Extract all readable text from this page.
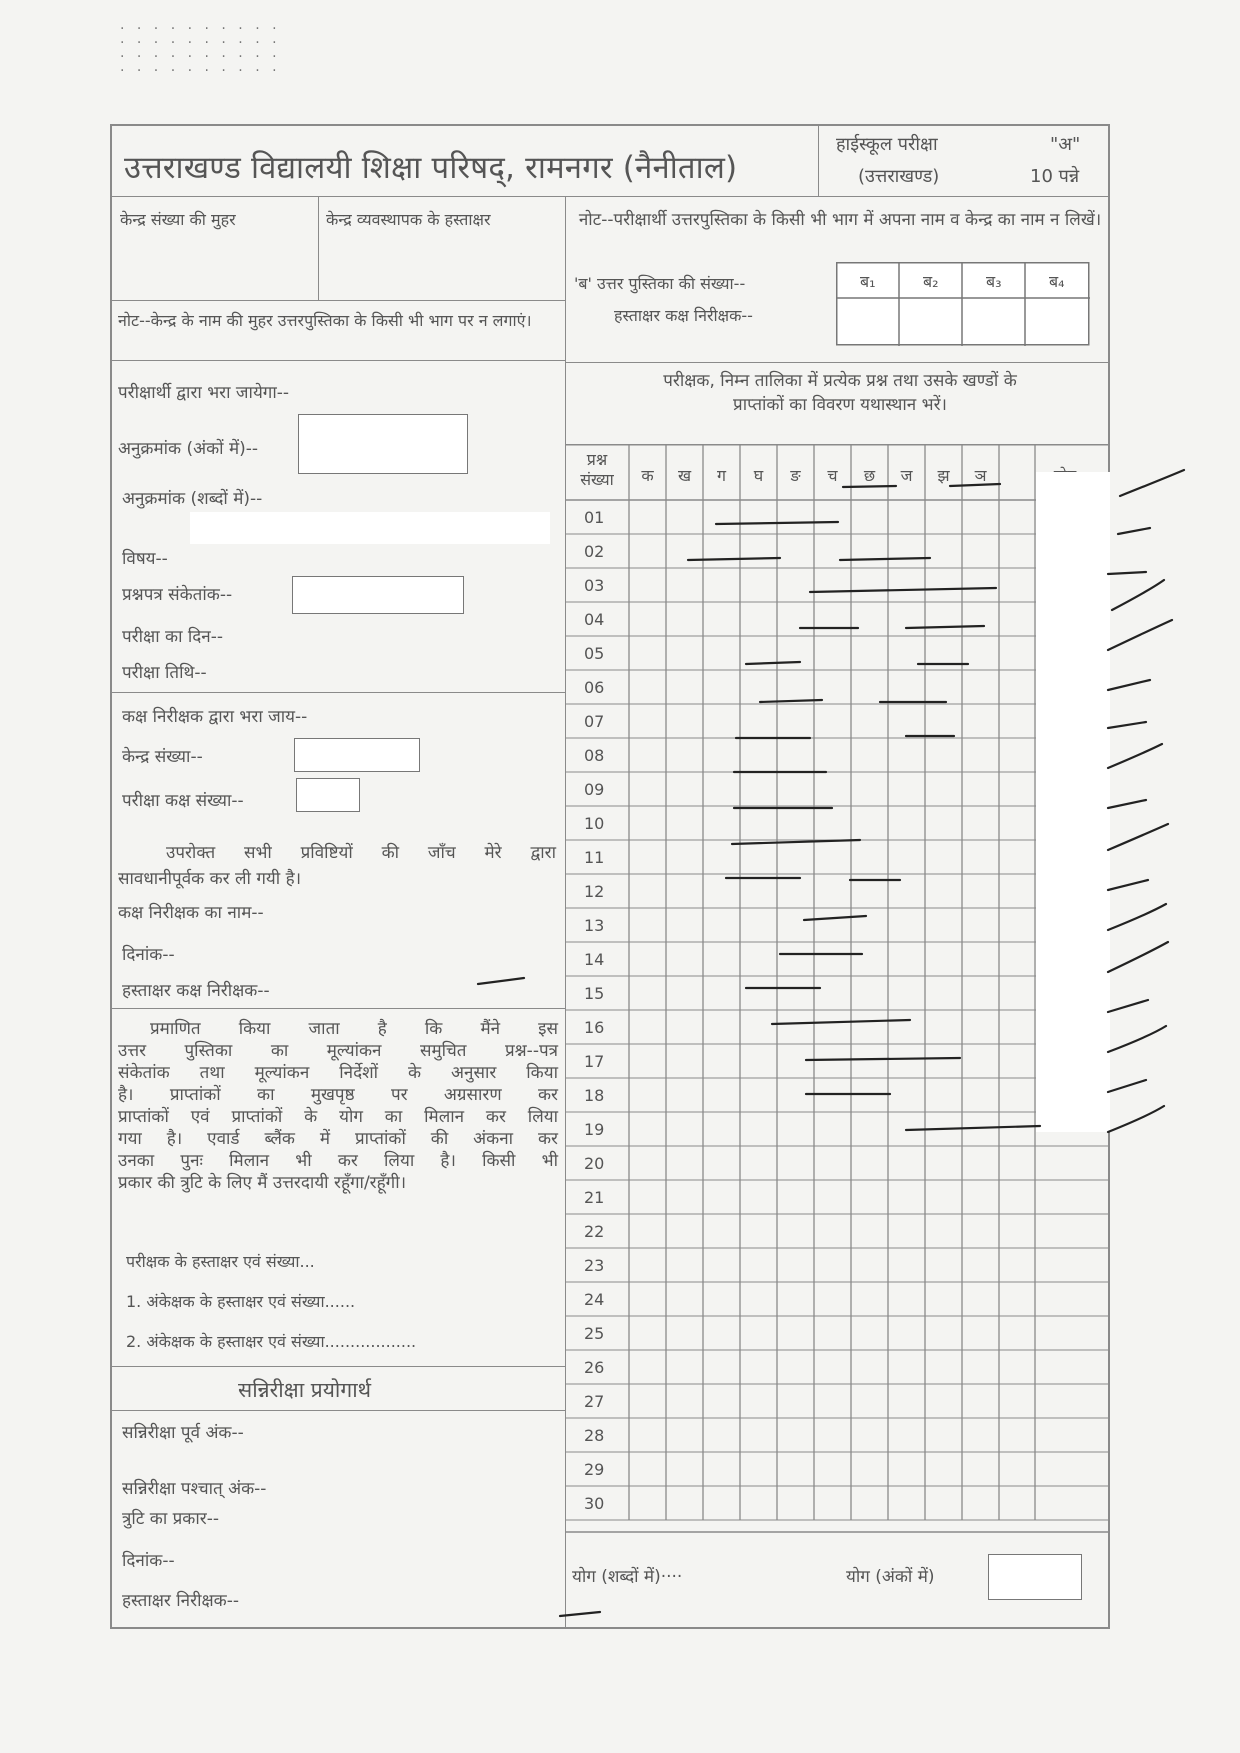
· · · · · · · · · ·
· · · · · · · · · ·
· · · · · · · · · ·
· · · · · · · · · ·
उत्तराखण्ड विद्यालयी शिक्षा परिषद्, रामनगर (नैनीताल)
हाईस्कूल परीक्षा
(उत्तराखण्ड)
"अ"
10 पन्ने
केन्द्र संख्या की मुहर	केन्द्र व्यवस्थापक के हस्ताक्षर
नोट--केन्द्र के नाम की मुहर उत्तरपुस्तिका के किसी भी भाग पर न लगाएं।
नोट--परीक्षार्थी उत्तरपुस्तिका के किसी भी भाग में अपना नाम व केन्द्र का नाम न लिखें।
'ब' उत्तर पुस्तिका की संख्या--
हस्ताक्षर कक्ष निरीक्षक--
ब₁	ब₂	ब₃	ब₄
परीक्षार्थी द्वारा भरा जायेगा--
अनुक्रमांक (अंकों में)--
अनुक्रमांक (शब्दों में)--
विषय--
प्रश्नपत्र संकेतांक--
परीक्षा का दिन--
परीक्षा तिथि--
कक्ष निरीक्षक द्वारा भरा जाय--
केन्द्र संख्या--
परीक्षा कक्ष संख्या--
उपरोक्त सभी प्रविष्टियों की जाँच मेरे द्वारा
सावधानीपूर्वक कर ली गयी है।
कक्ष निरीक्षक का नाम--
दिनांक--
हस्ताक्षर कक्ष निरीक्षक--
प्रमाणित किया जाता है कि मैंने इस
उत्तर पुस्तिका का मूल्यांकन समुचित प्रश्न--पत्र
संकेतांक तथा मूल्यांकन निर्देशों के अनुसार किया
है। प्राप्तांकों का मुखपृष्ठ पर अग्रसारण कर
प्राप्तांकों एवं प्राप्तांकों के योग का मिलान कर लिया
गया है। एवार्ड ब्लैंक में प्राप्तांकों की अंकना कर
उनका पुनः मिलान भी कर लिया है। किसी भी
प्रकार की त्रुटि के लिए मैं उत्तरदायी रहूँगा/रहूँगी।
परीक्षक के हस्ताक्षर एवं संख्या...
1. अंकेक्षक के हस्ताक्षर एवं संख्या......
2. अंकेक्षक के हस्ताक्षर एवं संख्या..................
सन्निरीक्षा प्रयोगार्थ
सन्निरीक्षा पूर्व अंक--
सन्निरीक्षा पश्चात् अंक--
त्रुटि का प्रकार--
दिनांक--
हस्ताक्षर निरीक्षक--
परीक्षक, निम्न तालिका में प्रत्येक प्रश्न तथा उसके खण्डों के
प्राप्तांकों का विवरण यथास्थान भरें।
प्रश्न
संख्या	क	ख	ग	घ	ङ	च	छ	ज	झ	ञ
01
02
03
04
05
06
07
08
09
10
11
12
13
14
15
16
17
18
19
20
21
22
23
24
25
26
27
28
29
30
योग (शब्दों में)····	योग (अंकों में)
